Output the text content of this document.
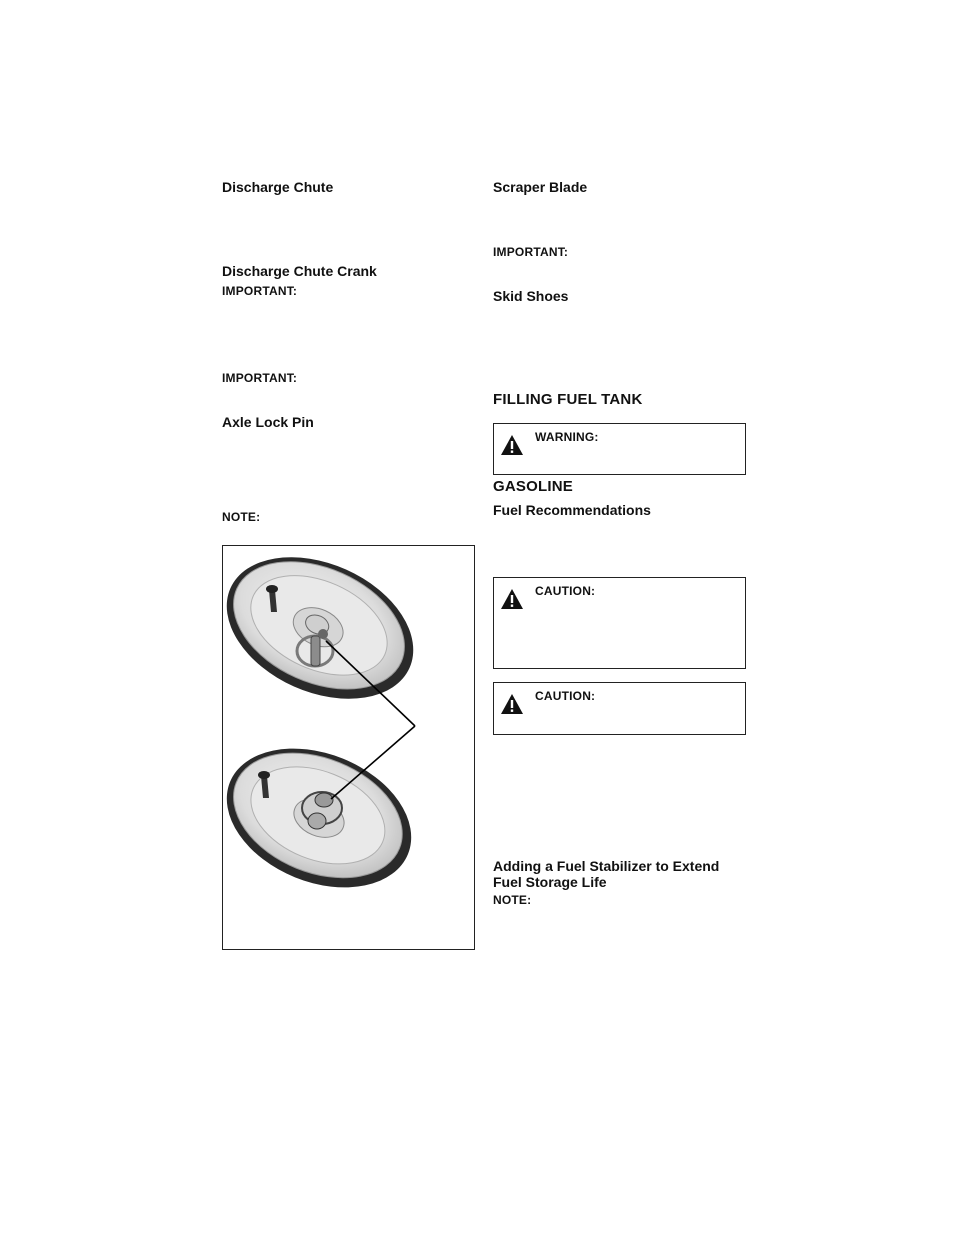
Discharge Chute
Discharge Chute Crank
IMPORTANT:
IMPORTANT:
Axle Lock Pin
NOTE:
Scraper Blade
IMPORTANT:
Skid Shoes
FILLING FUEL TANK
WARNING:
GASOLINE
Fuel Recommendations
CAUTION:
CAUTION:
Adding a Fuel Stabilizer to Extend
Fuel Storage Life
NOTE:
